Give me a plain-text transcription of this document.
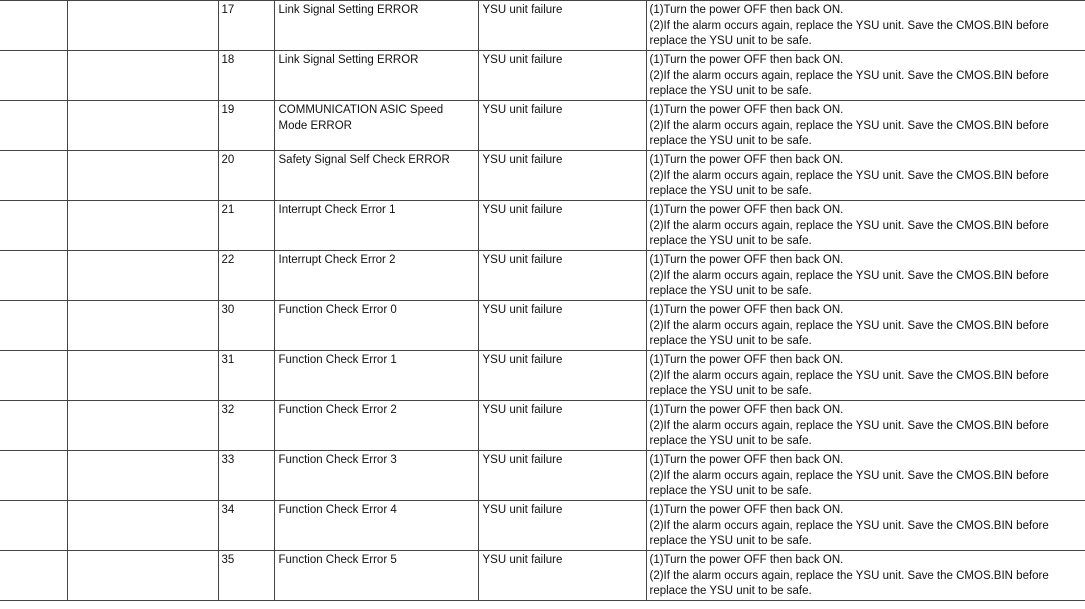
		17	Link Signal Setting ERROR	YSU unit failure	(1)Turn the power OFF then back ON.
(2)If the alarm occurs again, replace the YSU unit. Save the CMOS.BIN before
replace the YSU unit to be safe.

		18	Link Signal Setting ERROR	YSU unit failure	(1)Turn the power OFF then back ON.
(2)If the alarm occurs again, replace the YSU unit. Save the CMOS.BIN before
replace the YSU unit to be safe.

		19	COMMUNICATION ASIC Speed Mode ERROR	YSU unit failure	(1)Turn the power OFF then back ON.
(2)If the alarm occurs again, replace the YSU unit. Save the CMOS.BIN before
replace the YSU unit to be safe.

		20	Safety Signal Self Check ERROR	YSU unit failure	(1)Turn the power OFF then back ON.
(2)If the alarm occurs again, replace the YSU unit. Save the CMOS.BIN before
replace the YSU unit to be safe.

		21	Interrupt Check Error 1	YSU unit failure	(1)Turn the power OFF then back ON.
(2)If the alarm occurs again, replace the YSU unit. Save the CMOS.BIN before
replace the YSU unit to be safe.

		22	Interrupt Check Error 2	YSU unit failure	(1)Turn the power OFF then back ON.
(2)If the alarm occurs again, replace the YSU unit. Save the CMOS.BIN before
replace the YSU unit to be safe.

		30	Function Check Error 0	YSU unit failure	(1)Turn the power OFF then back ON.
(2)If the alarm occurs again, replace the YSU unit. Save the CMOS.BIN before
replace the YSU unit to be safe.

		31	Function Check Error 1	YSU unit failure	(1)Turn the power OFF then back ON.
(2)If the alarm occurs again, replace the YSU unit. Save the CMOS.BIN before
replace the YSU unit to be safe.

		32	Function Check Error 2	YSU unit failure	(1)Turn the power OFF then back ON.
(2)If the alarm occurs again, replace the YSU unit. Save the CMOS.BIN before
replace the YSU unit to be safe.

		33	Function Check Error 3	YSU unit failure	(1)Turn the power OFF then back ON.
(2)If the alarm occurs again, replace the YSU unit. Save the CMOS.BIN before
replace the YSU unit to be safe.

		34	Function Check Error 4	YSU unit failure	(1)Turn the power OFF then back ON.
(2)If the alarm occurs again, replace the YSU unit. Save the CMOS.BIN before
replace the YSU unit to be safe.

		35	Function Check Error 5	YSU unit failure	(1)Turn the power OFF then back ON.
(2)If the alarm occurs again, replace the YSU unit. Save the CMOS.BIN before
replace the YSU unit to be safe.
